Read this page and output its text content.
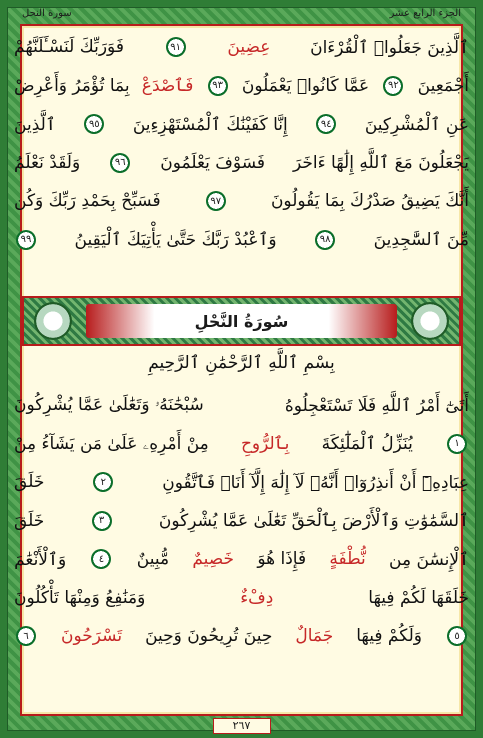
الجزء الرابع عشر
سورة النحل
ٱلَّذِينَ جَعَلُوا۟ ٱلْقُرْءَانَ
عِضِينَ
٩١
فَوَرَبِّكَ لَنَسْـَٔلَنَّهُمْ
أَجْمَعِينَ
٩٢
عَمَّا كَانُوا۟ يَعْمَلُونَ
٩٣
فَٱصْدَعْ
بِمَا تُؤْمَرُ وَأَعْرِضْ
عَنِ ٱلْمُشْرِكِينَ
٩٤
إِنَّا كَفَيْنَٰكَ ٱلْمُسْتَهْزِءِينَ
٩٥
ٱلَّذِينَ
يَجْعَلُونَ مَعَ ٱللَّهِ إِلَٰهًا ءَاخَرَ
فَسَوْفَ يَعْلَمُونَ
٩٦
وَلَقَدْ نَعْلَمُ
أَنَّكَ يَضِيقُ صَدْرُكَ بِمَا يَقُولُونَ
٩٧
فَسَبِّحْ بِحَمْدِ رَبِّكَ وَكُن
مِّنَ ٱلسَّٰجِدِينَ
٩٨
وَٱعْبُدْ رَبَّكَ حَتَّىٰ يَأْتِيَكَ ٱلْيَقِينُ
٩٩
سُورَةُ النَّحْلِ
بِسْمِ ٱللَّهِ ٱلرَّحْمَٰنِ ٱلرَّحِيمِ
أَتَىٰٓ أَمْرُ ٱللَّهِ فَلَا تَسْتَعْجِلُوهُ
سُبْحَٰنَهُۥ وَتَعَٰلَىٰ عَمَّا يُشْرِكُونَ
١
يُنَزِّلُ ٱلْمَلَٰٓئِكَةَ
بِٱلرُّوحِ
مِنْ أَمْرِهِۦ عَلَىٰ مَن يَشَآءُ مِنْ
عِبَادِهِۦٓ أَنْ أَنذِرُوٓا۟ أَنَّهُۥ لَآ إِلَٰهَ إِلَّآ أَنَا۠ فَٱتَّقُونِ
٢
خَلَقَ
ٱلسَّمَٰوَٰتِ وَٱلْأَرْضَ بِٱلْحَقِّ تَعَٰلَىٰ عَمَّا يُشْرِكُونَ
٣
خَلَقَ
ٱلْإِنسَٰنَ مِن
نُّطْفَةٍ
فَإِذَا هُوَ
خَصِيمٌ
مُّبِينٌ
٤
وَٱلْأَنْعَٰمَ
خَلَقَهَا لَكُمْ فِيهَا
دِفْءٌ
وَمَنَٰفِعُ وَمِنْهَا تَأْكُلُونَ
٥
وَلَكُمْ فِيهَا
جَمَالٌ
حِينَ تُرِيحُونَ وَحِينَ
تَسْرَحُونَ
٦
٢٦٧
